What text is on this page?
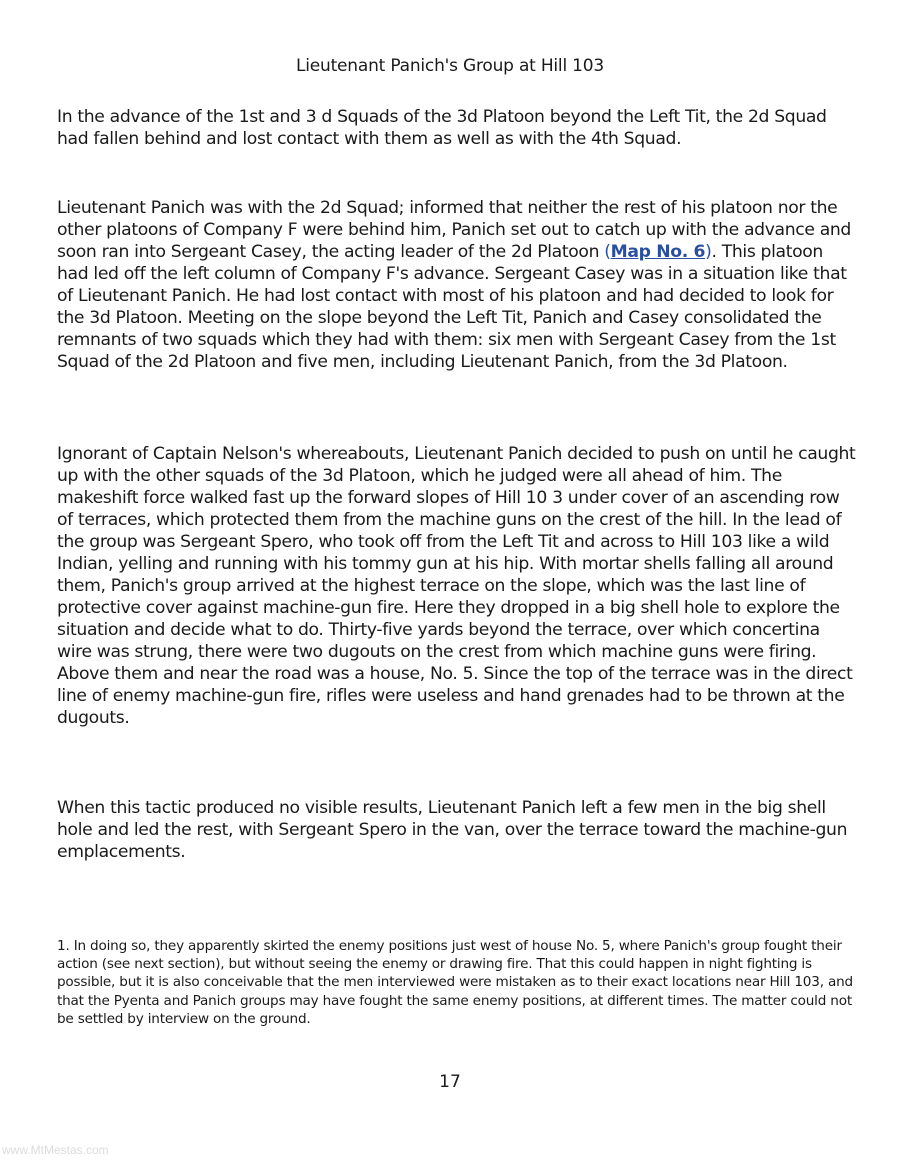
Lieutenant Panich's Group at Hill 103

In the advance of the 1st and 3 d Squads of the 3d Platoon beyond the Left Tit, the 2d Squad had fallen behind and lost contact with them as well as with the 4th Squad.

Lieutenant Panich was with the 2d Squad; informed that neither the rest of his platoon nor the other platoons of Company F were behind him, Panich set out to catch up with the advance and soon ran into Sergeant Casey, the acting leader of the 2d Platoon (Map No. 6). This platoon had led off the left column of Company F's advance. Sergeant Casey was in a situation like that of Lieutenant Panich. He had lost contact with most of his platoon and had decided to look for the 3d Platoon. Meeting on the slope beyond the Left Tit, Panich and Casey consolidated the remnants of two squads which they had with them: six men with Sergeant Casey from the 1st Squad of the 2d Platoon and five men, including Lieutenant Panich, from the 3d Platoon.

Ignorant of Captain Nelson's whereabouts, Lieutenant Panich decided to push on until he caught up with the other squads of the 3d Platoon, which he judged were all ahead of him. The makeshift force walked fast up the forward slopes of Hill 10 3 under cover of an ascending row of terraces, which protected them from the machine guns on the crest of the hill. In the lead of the group was Sergeant Spero, who took off from the Left Tit and across to Hill 103 like a wild Indian, yelling and running with his tommy gun at his hip. With mortar shells falling all around them, Panich's group arrived at the highest terrace on the slope, which was the last line of protective cover against machine-gun fire. Here they dropped in a big shell hole to explore the situation and decide what to do. Thirty-five yards beyond the terrace, over which concertina wire was strung, there were two dugouts on the crest from which machine guns were firing. Above them and near the road was a house, No. 5. Since the top of the terrace was in the direct line of enemy machine-gun fire, rifles were useless and hand grenades had to be thrown at the dugouts.

When this tactic produced no visible results, Lieutenant Panich left a few men in the big shell hole and led the rest, with Sergeant Spero in the van, over the terrace toward the machine-gun emplacements.

1. In doing so, they apparently skirted the enemy positions just west of house No. 5, where Panich's group fought their action (see next section), but without seeing the enemy or drawing fire. That this could happen in night fighting is possible, but it is also conceivable that the men interviewed were mistaken as to their exact locations near Hill 103, and that the Pyenta and Panich groups may have fought the same enemy positions, at different times. The matter could not be settled by interview on the ground.

17
www.MtMestas.com
